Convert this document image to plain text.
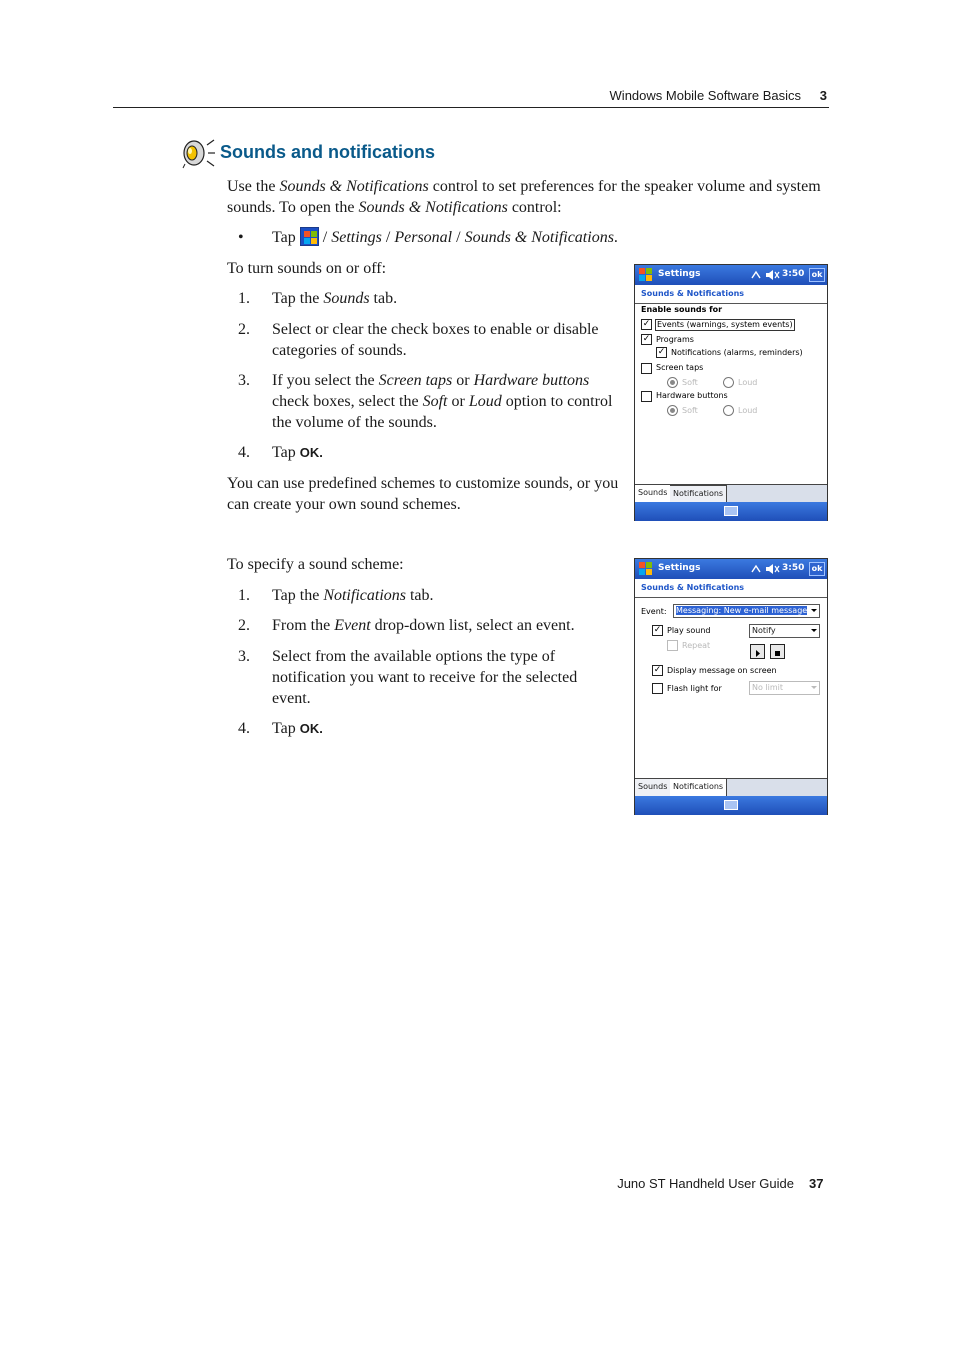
Windows Mobile Software Basics 3
Sounds and notifications
Use the Sounds & Notifications control to set preferences for the speaker volume and system sounds. To open the Sounds & Notifications control:
• Tap
/ Settings / Personal / Sounds & Notifications.
To turn sounds on or off:
1. Tap the Sounds tab.
2. Select or clear the check boxes to enable or disable categories of sounds.
3. If you select the Screen taps or Hardware buttons check boxes, select the Soft or Loud option to control the volume of the sounds.
4. Tap OK.
You can use predefined schemes to customize sounds, or you can create your own sound schemes.
To specify a sound scheme:
1. Tap the Notifications tab.
2. From the Event drop-down list, select an event.
3. Select from the available options the type of notification you want to receive for the selected event.
4. Tap OK.
Settings	3:50 ok
Sounds & Notifications
Enable sounds for
✓ Events (warnings, system events)
✓ Programs
✓ Notifications (alarms, reminders)
Screen taps
Soft	Loud
Hardware buttons
Soft	Loud
Sounds Notifications
Settings	3:50 ok
Sounds & Notifications
Event:	Messaging: New e-mail message
✓ Play sound	Notify
Repeat
✓ Display message on screen
Flash light for	No limit
Sounds Notifications
Juno ST Handheld User Guide 37
